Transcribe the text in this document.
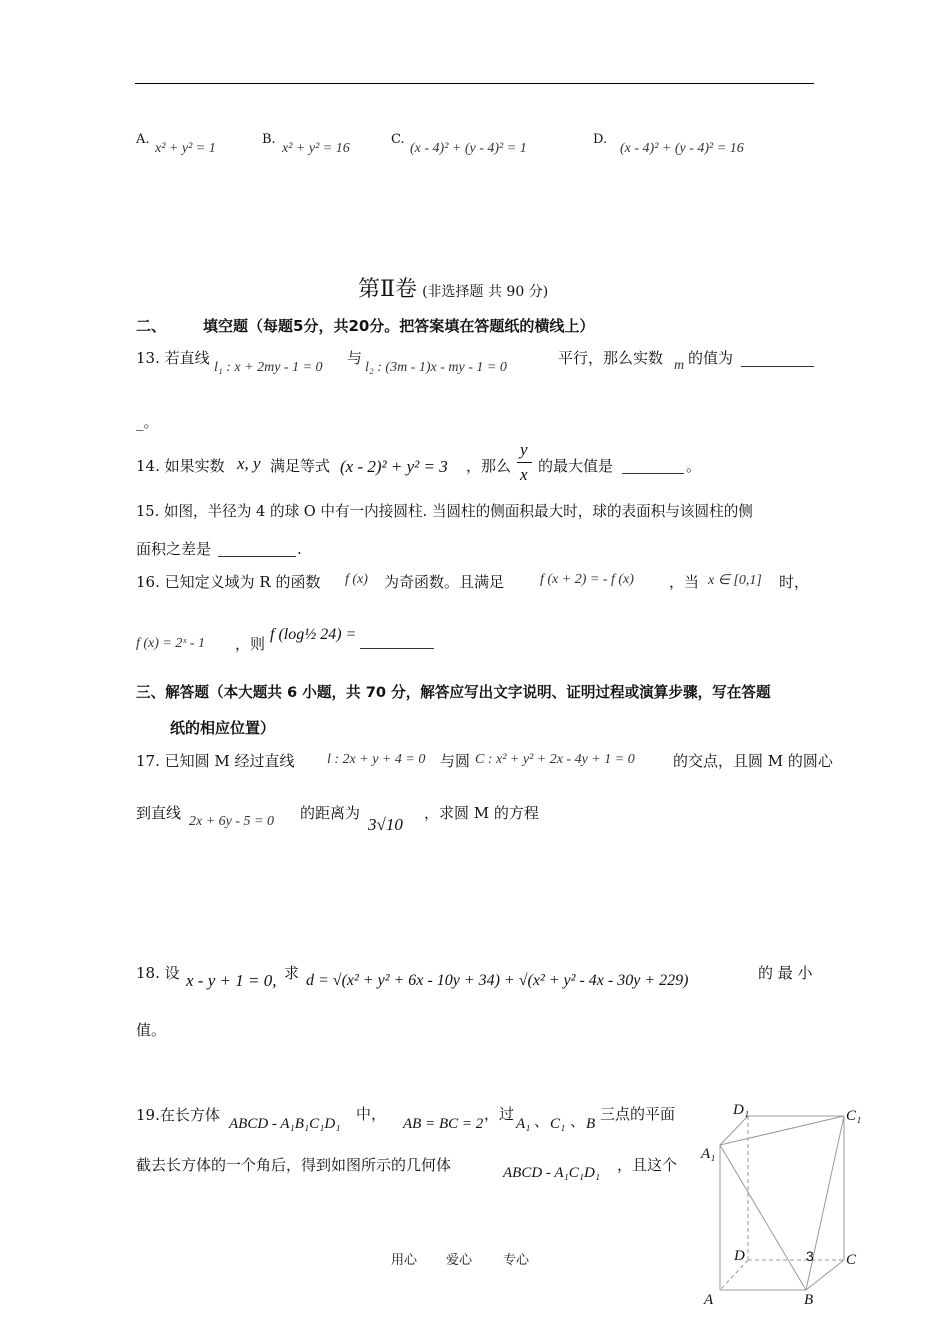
A.
x² + y² = 1
B.
x² + y² = 16
C.
(x - 4)² + (y - 4)² = 1
D.
(x - 4)² + (y - 4)² = 16
第Ⅱ卷 (非选择题 共 90 分)
二、 填空题（每题5分，共20分。把答案填在答题纸的横线上）
13. 若直线
l₁ : x + 2my - 1 = 0
与
l₂ : (3m - 1)x - my - 1 = 0
平行，那么实数 m 的值为
_。
14. 如果实数 x, y 满足等式 (x - 2)² + y² = 3 ，那么
y
x 的最大值是	。
15. 如图，半径为 4 的球 O 中有一内接圆柱. 当圆柱的侧面积最大时，球的表面积与该圆柱的侧
面积之差是	.
16. 已知定义域为 R 的函数 f (x) 为奇函数。且满足	f (x + 2) = - f (x) ，当 x ∈ [0,1] 时，
f (x) = 2ˣ - 1 ，则
f (log½ 24) =
三、解答题（本大题共 6 小题，共 70 分，解答应写出文字说明、证明过程或演算步骤，写在答题
纸的相应位置）
17. 已知圆 M 经过直线 l : 2x + y + 4 = 0 与圆 C : x² + y² + 2x - 4y + 1 = 0	的交点，且圆 M 的圆心
到直线 2x + 6y - 5 = 0 的距离为
3√10
，求圆 M 的方程
18. 设 x - y + 1 = 0, 求 d = √(x² + y² + 6x - 10y + 34) + √(x² + y² - 4x - 30y + 229)	的 最 小
值。
19.在长方体 ABCD - A₁B₁C₁D₁
中，
AB = BC = 2
，过
A₁ 、 C₁ 、 B
三点的平面
截去长方体的一个角后，得到如图所示的几何体	ABCD - A₁C₁D₁ ，且这个
D₁	C₁
A₁
D	3 C
A	B
用心 爱心 专心
